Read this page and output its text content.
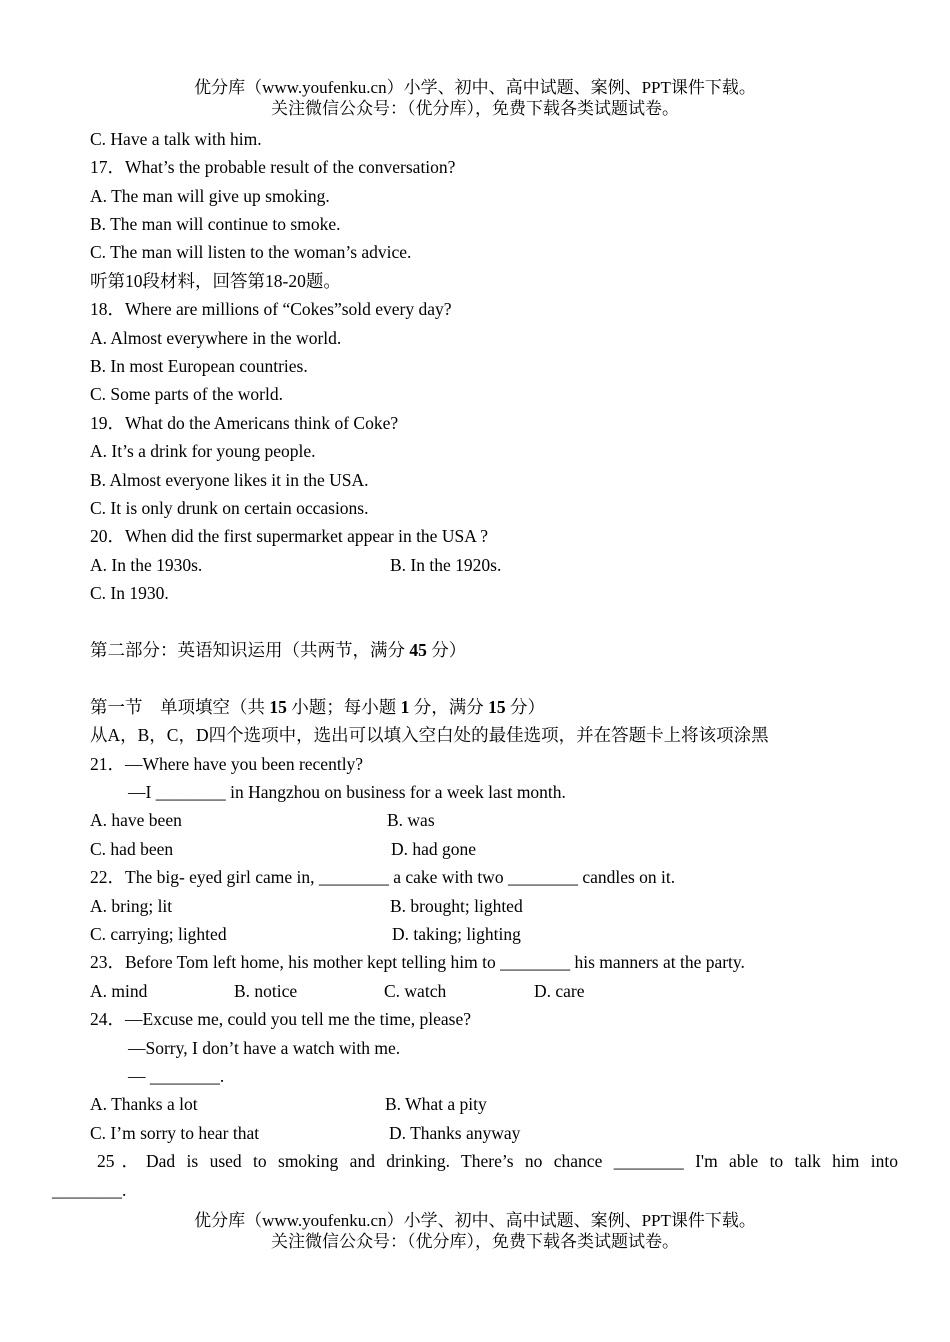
优分库（www.youfenku.cn）小学、初中、高中试题、案例、PPT课件下载。
关注微信公众号：（优分库），免费下载各类试题试卷。
C. Have a talk with him.
17．What’s the probable result of the conversation?
A. The man will give up smoking.
B. The man will continue to smoke.
C. The man will listen to the woman’s advice.
听第10段材料，回答第18-20题。
18．Where are millions of “Cokes”sold every day?
A. Almost everywhere in the world.
B. In most European countries.
C. Some parts of the world.
19．What do the Americans think of Coke?
A. It’s a drink for young people.
B. Almost everyone likes it in the USA.
C. It is only drunk on certain occasions.
20．When did the first supermarket appear in the USA ?
A. In the 1930s.	B. In the 1920s.
C. In 1930.
第二部分：英语知识运用（共两节，满分 45 分）
第一节　单项填空（共 15 小题；每小题 1 分，满分 15 分）
从A，B，C，D四个选项中，选出可以填入空白处的最佳选项，并在答题卡上将该项涂黑
21．—Where have you been recently?
—I ________ in Hangzhou on business for a week last month.
A. have been	B. was
C. had been	D. had gone
22．The big- eyed girl came in, ________ a cake with two ________ candles on it.
A. bring; lit	B. brought; lighted
C. carrying; lighted	D. taking; lighting
23．Before Tom left home, his mother kept telling him to ________ his manners at the party.
A. mind	B. notice	C. watch	D. care
24．—Excuse me, could you tell me the time, please?
—Sorry, I don’t have a watch with me.
— ________.
A. Thanks a lot	B. What a pity
C. I’m sorry to hear that	D. Thanks anyway
25．Dad is used to smoking and drinking. There’s no chance ________ I'm able to talk him into
________.
优分库（www.youfenku.cn）小学、初中、高中试题、案例、PPT课件下载。
关注微信公众号：（优分库），免费下载各类试题试卷。
